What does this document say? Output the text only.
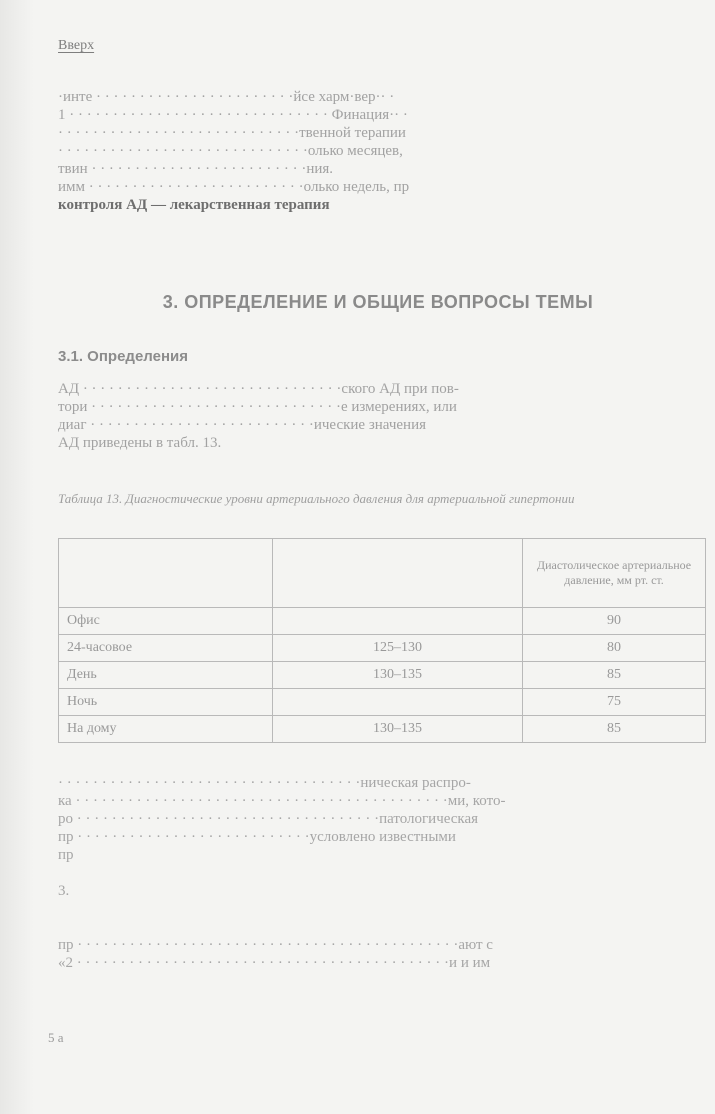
Вверх
·инте · · · · · · · · · · · · · · · · · · · · · · ·йсе харм·вер·· ·
1 · · · · · · · · · · · · · · · · · · · · · · · · · · · · · · Финация·· ·
· · · · · · · · · · · · · · · · · · · · · · · · · · · ·твенной терапии
· · · · · · · · · · · · · · · · · · · · · · · · · · · · ·олько месяцев,
твин · · · · · · · · · · · · · · · · · · · · · · · · ·ния.
имм · · · · · · · · · · · · · · · · · · · · · · · · ·олько недель, пр
контроля АД — лекарственная терапия
3. ОПРЕДЕЛЕНИЕ И ОБЩИЕ ВОПРОСЫ ТЕМЫ
3.1. Определения
АД · · · · · · · · · · · · · · · · · · · · · · · · · · · · · ·ского АД при пов-
тори · · · · · · · · · · · · · · · · · · · · · · · · · · · · ·е измерениях, или
диаг · · · · · · · · · · · · · · · · · · · · · · · · · ·ические значения
АД приведены в табл. 13.
Таблица 13. Диагностические уровни артериального давления для артериальной гипертонии
		Диастолическое артериальное давление, мм рт. ст.
Офис		90
24-часовое	125–130	80
День	130–135	85
Ночь		75
На дому	130–135	85
· · · · · · · · · · · · · · · · · · · · · · · · · · · · · · · · · · ·ническая распро-
ка · · · · · · · · · · · · · · · · · · · · · · · · · · · · · · · · · · · · · · · · · · ·ми, кото-
ро · · · · · · · · · · · · · · · · · · · · · · · · · · · · · · · · · · ·патологическая
пр · · · · · · · · · · · · · · · · · · · · · · · · · · ·условлено известными
пр
3.
пр · · · · · · · · · · · · · · · · · · · · · · · · · · · · · · · · · · · · · · · · · · · ·ают с
«2 · · · · · · · · · · · · · · · · · · · · · · · · · · · · · · · · · · · · · · · · · · ·и и им
5 а
